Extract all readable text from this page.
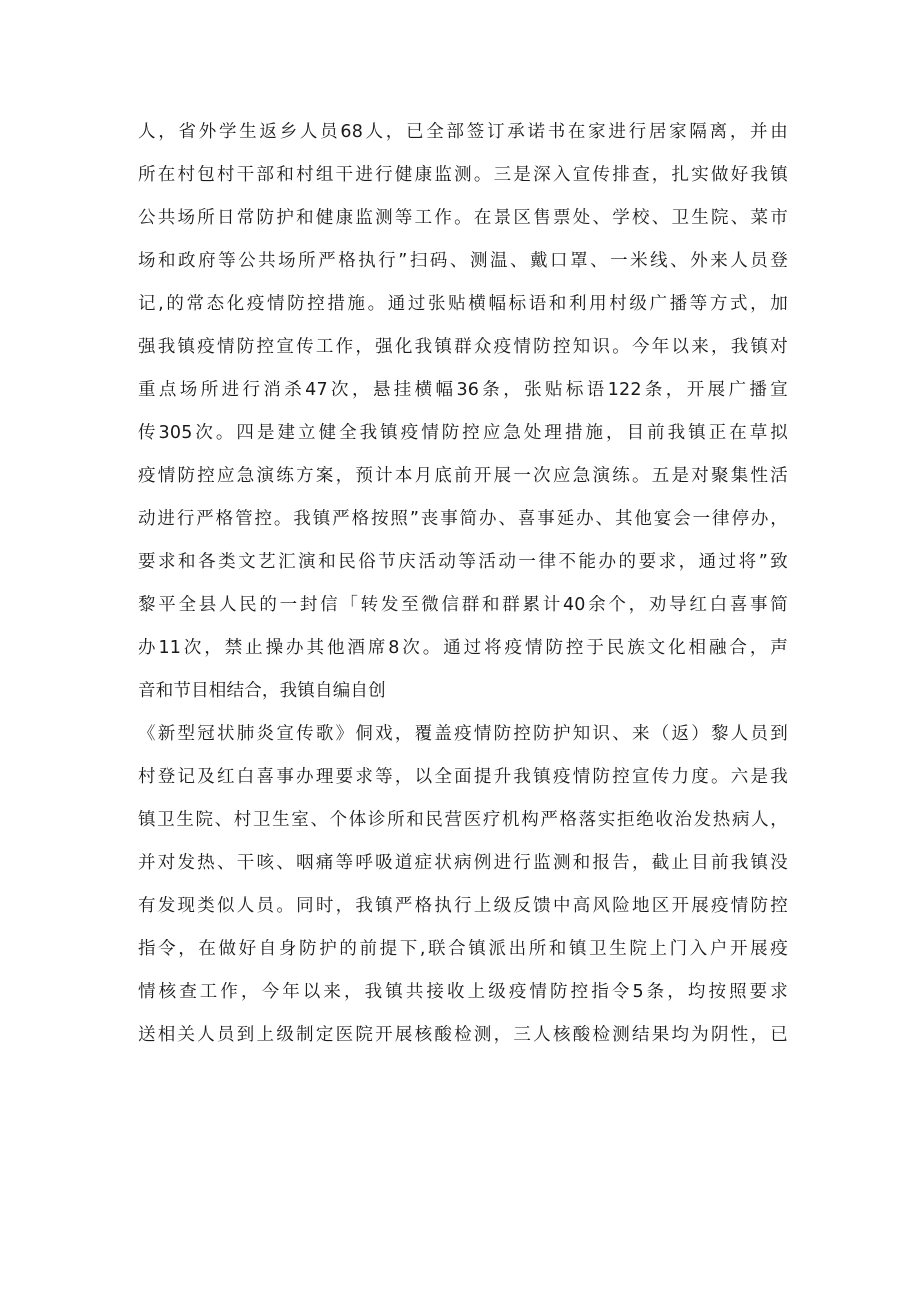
人，省外学生返乡人员68人，已全部签订承诺书在家进行居家隔离，并由
所在村包村干部和村组干进行健康监测。三是深入宣传排查，扎实做好我镇
公共场所日常防护和健康监测等工作。在景区售票处、学校、卫生院、菜市
场和政府等公共场所严格执行”扫码、测温、戴口罩、一米线、外来人员登
记,的常态化疫情防控措施。通过张贴横幅标语和利用村级广播等方式，加
强我镇疫情防控宣传工作，强化我镇群众疫情防控知识。今年以来，我镇对
重点场所进行消杀47次，悬挂横幅36条，张贴标语122条，开展广播宣
传305次。四是建立健全我镇疫情防控应急处理措施，目前我镇正在草拟
疫情防控应急演练方案，预计本月底前开展一次应急演练。五是对聚集性活
动进行严格管控。我镇严格按照”丧事简办、喜事延办、其他宴会一律停办，
要求和各类文艺汇演和民俗节庆活动等活动一律不能办的要求，通过将”致
黎平全县人民的一封信「转发至微信群和群累计40余个，劝导红白喜事简
办11次，禁止操办其他酒席8次。通过将疫情防控于民族文化相融合，声
音和节目相结合，我镇自编自创
《新型冠状肺炎宣传歌》侗戏，覆盖疫情防控防护知识、来（返）黎人员到
村登记及红白喜事办理要求等，以全面提升我镇疫情防控宣传力度。六是我
镇卫生院、村卫生室、个体诊所和民营医疗机构严格落实拒绝收治发热病人，
并对发热、干咳、咽痛等呼吸道症状病例进行监测和报告，截止目前我镇没
有发现类似人员。同时，我镇严格执行上级反馈中高风险地区开展疫情防控
指令，在做好自身防护的前提下,联合镇派出所和镇卫生院上门入户开展疫
情核查工作，今年以来，我镇共接收上级疫情防控指令5条，均按照要求
送相关人员到上级制定医院开展核酸检测，三人核酸检测结果均为阴性，已
